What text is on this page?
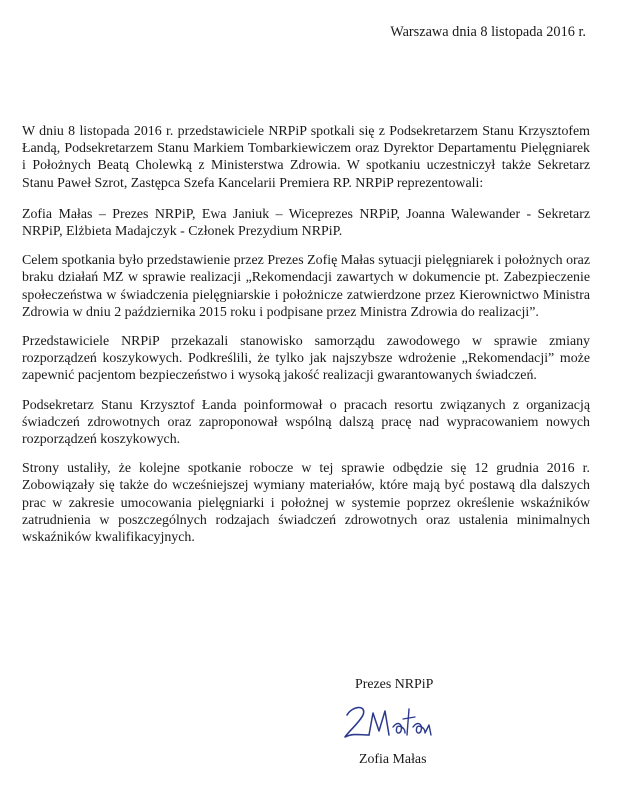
Warszawa dnia 8 listopada 2016 r.

W dniu 8 listopada 2016 r. przedstawiciele NRPiP spotkali się z Podsekretarzem Stanu Krzysztofem Łandą, Podsekretarzem Stanu Markiem Tombarkiewiczem oraz Dyrektor Departamentu Pielęgniarek i Położnych Beatą Cholewką z Ministerstwa Zdrowia. W spotkaniu uczestniczył także Sekretarz Stanu Paweł Szrot, Zastępca Szefa Kancelarii Premiera RP. NRPiP reprezentowali:

Zofia Małas – Prezes NRPiP, Ewa Janiuk – Wiceprezes NRPiP, Joanna Walewander - Sekretarz NRPiP, Elżbieta Madajczyk - Członek Prezydium NRPiP.

Celem spotkania było przedstawienie przez Prezes Zofię Małas sytuacji pielęgniarek i położnych oraz braku działań MZ w sprawie realizacji „Rekomendacji zawartych w dokumencie pt. Zabezpieczenie społeczeństwa w świadczenia pielęgniarskie i położnicze zatwierdzone przez Kierownictwo Ministra Zdrowia w dniu 2 października 2015 roku i podpisane przez Ministra Zdrowia do realizacji”.

Przedstawiciele NRPiP przekazali stanowisko samorządu zawodowego w sprawie zmiany rozporządzeń koszykowych. Podkreślili, że tylko jak najszybsze wdrożenie „Rekomendacji” może zapewnić pacjentom bezpieczeństwo i wysoką jakość realizacji gwarantowanych świadczeń.

Podsekretarz Stanu Krzysztof Łanda poinformował o pracach resortu związanych z organizacją świadczeń zdrowotnych oraz zaproponował wspólną dalszą pracę nad wypracowaniem nowych rozporządzeń koszykowych.

Strony ustaliły, że kolejne spotkanie robocze w tej sprawie odbędzie się 12 grudnia 2016 r. Zobowiązały się także do wcześniejszej wymiany materiałów, które mają być postawą dla dalszych prac w zakresie umocowania pielęgniarki i położnej w systemie poprzez określenie wskaźników zatrudnienia w poszczególnych rodzajach świadczeń zdrowotnych oraz ustalenia minimalnych wskaźników kwalifikacyjnych.

Prezes NRPiP
Zofia Małas
